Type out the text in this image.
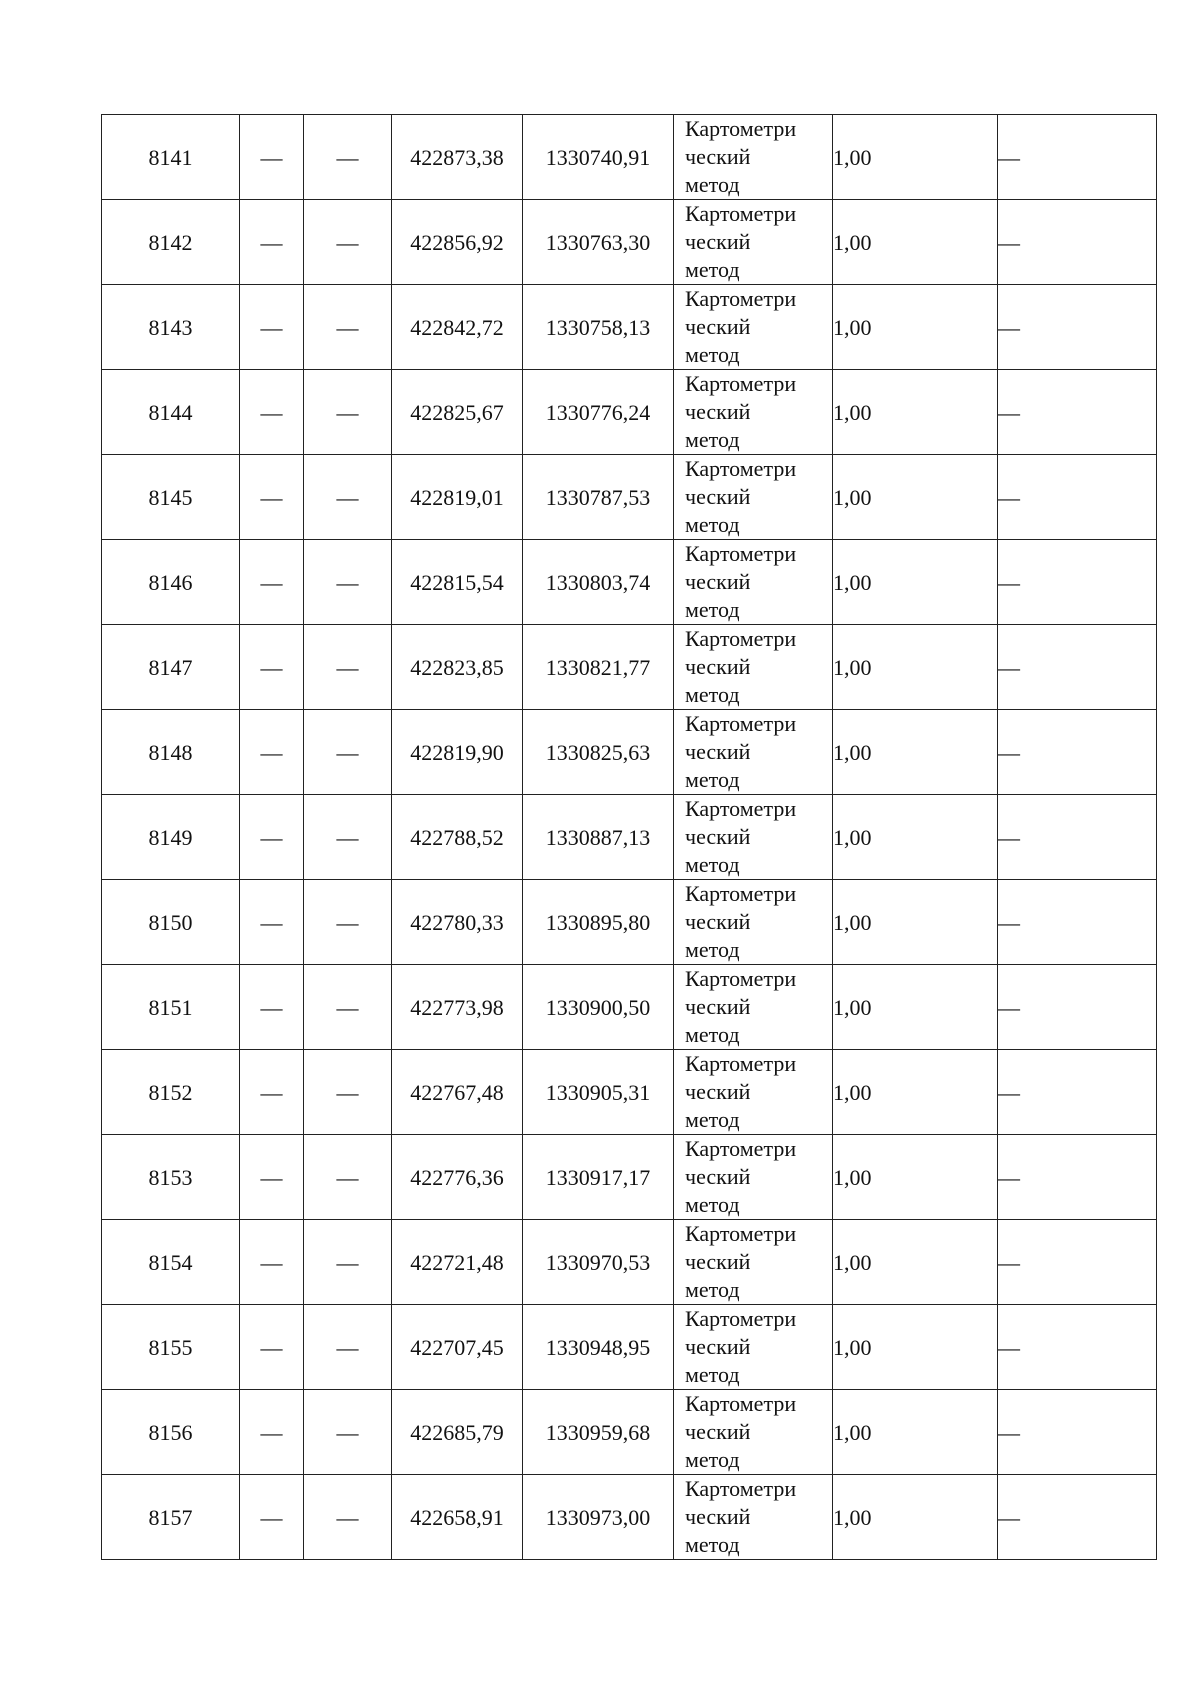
8141	—	—	422873,38	1330740,91	Картометри
ческий
метод	1,00	—
8142	—	—	422856,92	1330763,30	Картометри
ческий
метод	1,00	—
8143	—	—	422842,72	1330758,13	Картометри
ческий
метод	1,00	—
8144	—	—	422825,67	1330776,24	Картометри
ческий
метод	1,00	—
8145	—	—	422819,01	1330787,53	Картометри
ческий
метод	1,00	—
8146	—	—	422815,54	1330803,74	Картометри
ческий
метод	1,00	—
8147	—	—	422823,85	1330821,77	Картометри
ческий
метод	1,00	—
8148	—	—	422819,90	1330825,63	Картометри
ческий
метод	1,00	—
8149	—	—	422788,52	1330887,13	Картометри
ческий
метод	1,00	—
8150	—	—	422780,33	1330895,80	Картометри
ческий
метод	1,00	—
8151	—	—	422773,98	1330900,50	Картометри
ческий
метод	1,00	—
8152	—	—	422767,48	1330905,31	Картометри
ческий
метод	1,00	—
8153	—	—	422776,36	1330917,17	Картометри
ческий
метод	1,00	—
8154	—	—	422721,48	1330970,53	Картометри
ческий
метод	1,00	—
8155	—	—	422707,45	1330948,95	Картометри
ческий
метод	1,00	—
8156	—	—	422685,79	1330959,68	Картометри
ческий
метод	1,00	—
8157	—	—	422658,91	1330973,00	Картометри
ческий
метод	1,00	—
